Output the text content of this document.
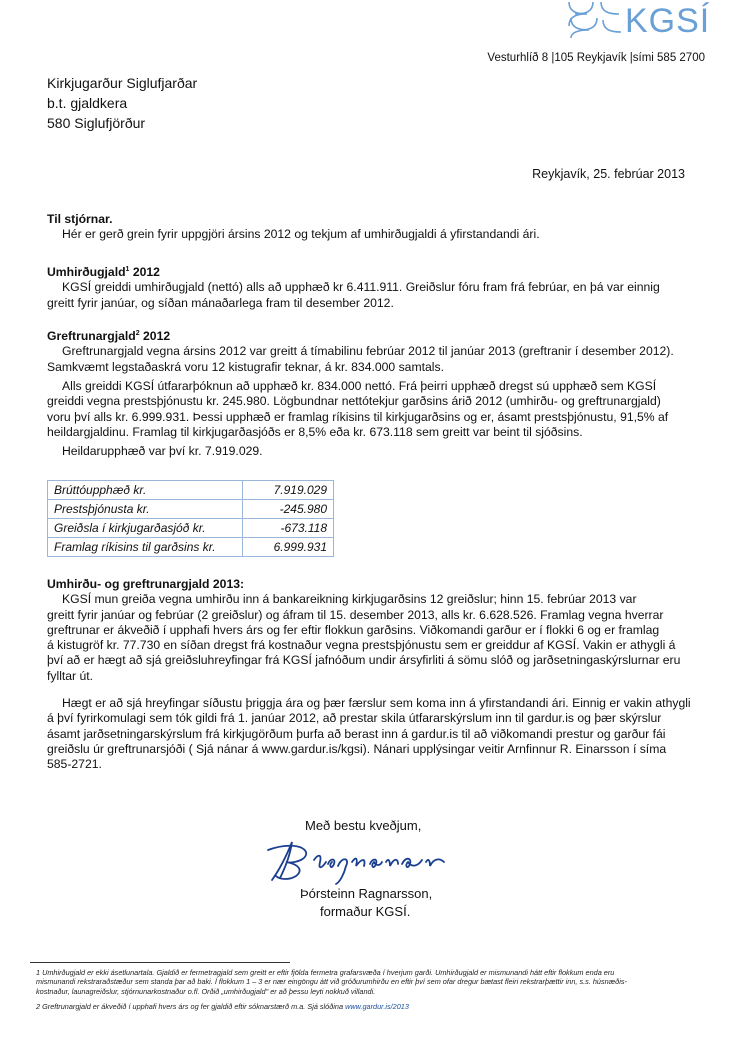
KGSÍ
Vesturhlíð 8 |105 Reykjavík |sími 585 2700
Kirkjugarður Siglufjarðar
b.t. gjaldkera
580 Siglufjörður
Reykjavík, 25. febrúar 2013
Til stjórnar.
Hér er gerð grein fyrir uppgjöri ársins 2012 og tekjum af umhirðugjaldi á yfirstandandi ári.
Umhirðugjald$^1$ 2012
KGSÍ greiddi umhirðugjald (nettó) alls að upphæð kr 6.411.911. Greiðslur fóru fram frá febrúar, en þá var einnig
greitt fyrir janúar, og síðan mánaðarlega fram til desember 2012.
Greftrunargjald$^2$ 2012
Greftrunargjald vegna ársins 2012 var greitt á tímabilinu febrúar 2012 til janúar 2013 (greftranir í desember 2012).
Samkvæmt legstaðaskrá voru 12 kistugrafir teknar, á kr. 834.000 samtals.
Alls greiddi KGSÍ útfararþóknun að upphæð kr. 834.000 nettó. Frá þeirri upphæð dregst sú upphæð sem KGSÍ
greiddi vegna prestsþjónustu kr. 245.980. Lögbundnar nettótekjur garðsins árið 2012 (umhirðu- og greftrunargjald)
voru því alls kr. 6.999.931. Þessi upphæð er framlag ríkisins til kirkjugarðsins og er, ásamt prestsþjónustu, 91,5% af
heildargjaldinu. Framlag til kirkjugarðasjóðs er 8,5% eða kr. 673.118 sem greitt var beint til sjóðsins.
Heildarupphæð var því kr. 7.919.029.
Brúttóupphæð kr.	7.919.029
Prestsþjónusta kr.	-245.980
Greiðsla í kirkjugarðasjóð kr.	-673.118
Framlag ríkisins til garðsins kr.	6.999.931
Umhirðu- og greftrunargjald 2013:
KGSÍ mun greiða vegna umhirðu inn á bankareikning kirkjugarðsins 12 greiðslur; hinn 15. febrúar 2013 var
greitt fyrir janúar og febrúar (2 greiðslur) og áfram til 15. desember 2013, alls kr. 6.628.526. Framlag vegna hverrar
greftrunar er ákveðið í upphafi hvers árs og fer eftir flokkun garðsins. Viðkomandi garður er í flokki 6 og er framlag
á kistugröf kr. 77.730 en síðan dregst frá kostnaður vegna prestsþjónustu sem er greiddur af KGSÍ. Vakin er athygli á
því að er hægt að sjá greiðsluhreyfingar frá KGSÍ jafnóðum undir ársyfirliti á sömu slóð og jarðsetningaskýrslurnar eru
fylltar út.
Hægt er að sjá hreyfingar síðustu þriggja ára og þær færslur sem koma inn á yfirstandandi ári. Einnig er vakin athygli
á því fyrirkomulagi sem tók gildi frá 1. janúar 2012, að prestar skila útfararskýrslum inn til gardur.is og þær skýrslur
ásamt jarðsetningarskýrslum frá kirkjugörðum þurfa að berast inn á gardur.is til að viðkomandi prestur og garður fái
greiðslu úr greftrunarsjóði ( Sjá nánar á www.gardur.is/kgsi). Nánari upplýsingar veitir Arnfinnur R. Einarsson í síma
585-2721.
Með bestu kveðjum,
Þórsteinn Ragnarsson,
formaður KGSÍ.
1 Umhirðugjald er ekki ásetlunartala. Gjaldið er fermetragjald sem greitt er eftir fjölda fermetra grafarsvæða í hverjum garði. Umhirðugjald er mismunandi hátt eftir flokkum enda eru
mismunandi rekstraraðstæður sem standa þar að baki. Í flokkum 1 – 3 er nær eingöngu átt við gróðurumhirðu en eftir því sem ofar dregur bætast fleiri rekstrarþættir inn, s.s. húsnæðis-
kostnaður, launagreiðslur, stjórnunarkostnaður o.fl. Orðið „umhirðugjald" er að þessu leyti nokkuð villandi.
2 Greftrunargjald er ákveðið í upphafi hvers árs og fer gjaldið eftir sóknarstærð m.a. Sjá slóðina www.gardur.is/2013
